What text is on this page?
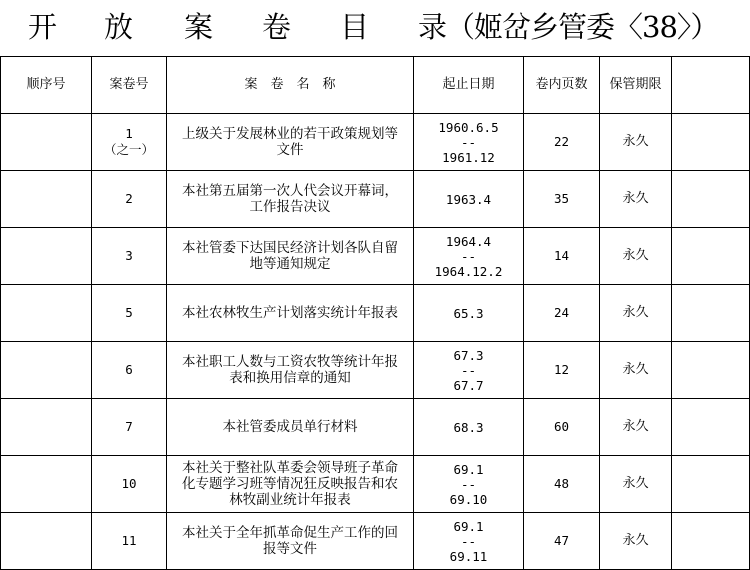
开 放 案 卷 目 录（姬岔乡管委〈38〉）
顺序号	案卷号	案　卷　名　称	起止日期	卷内页数	保管期限	

	1
（之一）	上级关于发展林业的若干政策规划等
文件	1960.6.5
--
1961.12	22	永久	

	2	本社第五届第一次人代会议开幕词，
工作报告决议	1963.4	35	永久	

	3	本社管委下达国民经济计划各队自留
地等通知规定	1964.4
--
1964.12.2	14	永久	

	5	本社农林牧生产计划落实统计年报表	65.3	24	永久	

	6	本社职工人数与工资农牧等统计年报
表和换用信章的通知	67.3
--
67.7	12	永久	

	7	本社管委成员单行材料	68.3	60	永久	

	10	本社关于整社队革委会领导班子革命
化专题学习班等情况狂反映报告和农
林牧副业统计年报表	69.1
--
69.10	48	永久	

	11	本社关于全年抓革命促生产工作的回
报等文件	69.1
--
69.11	47	永久	
